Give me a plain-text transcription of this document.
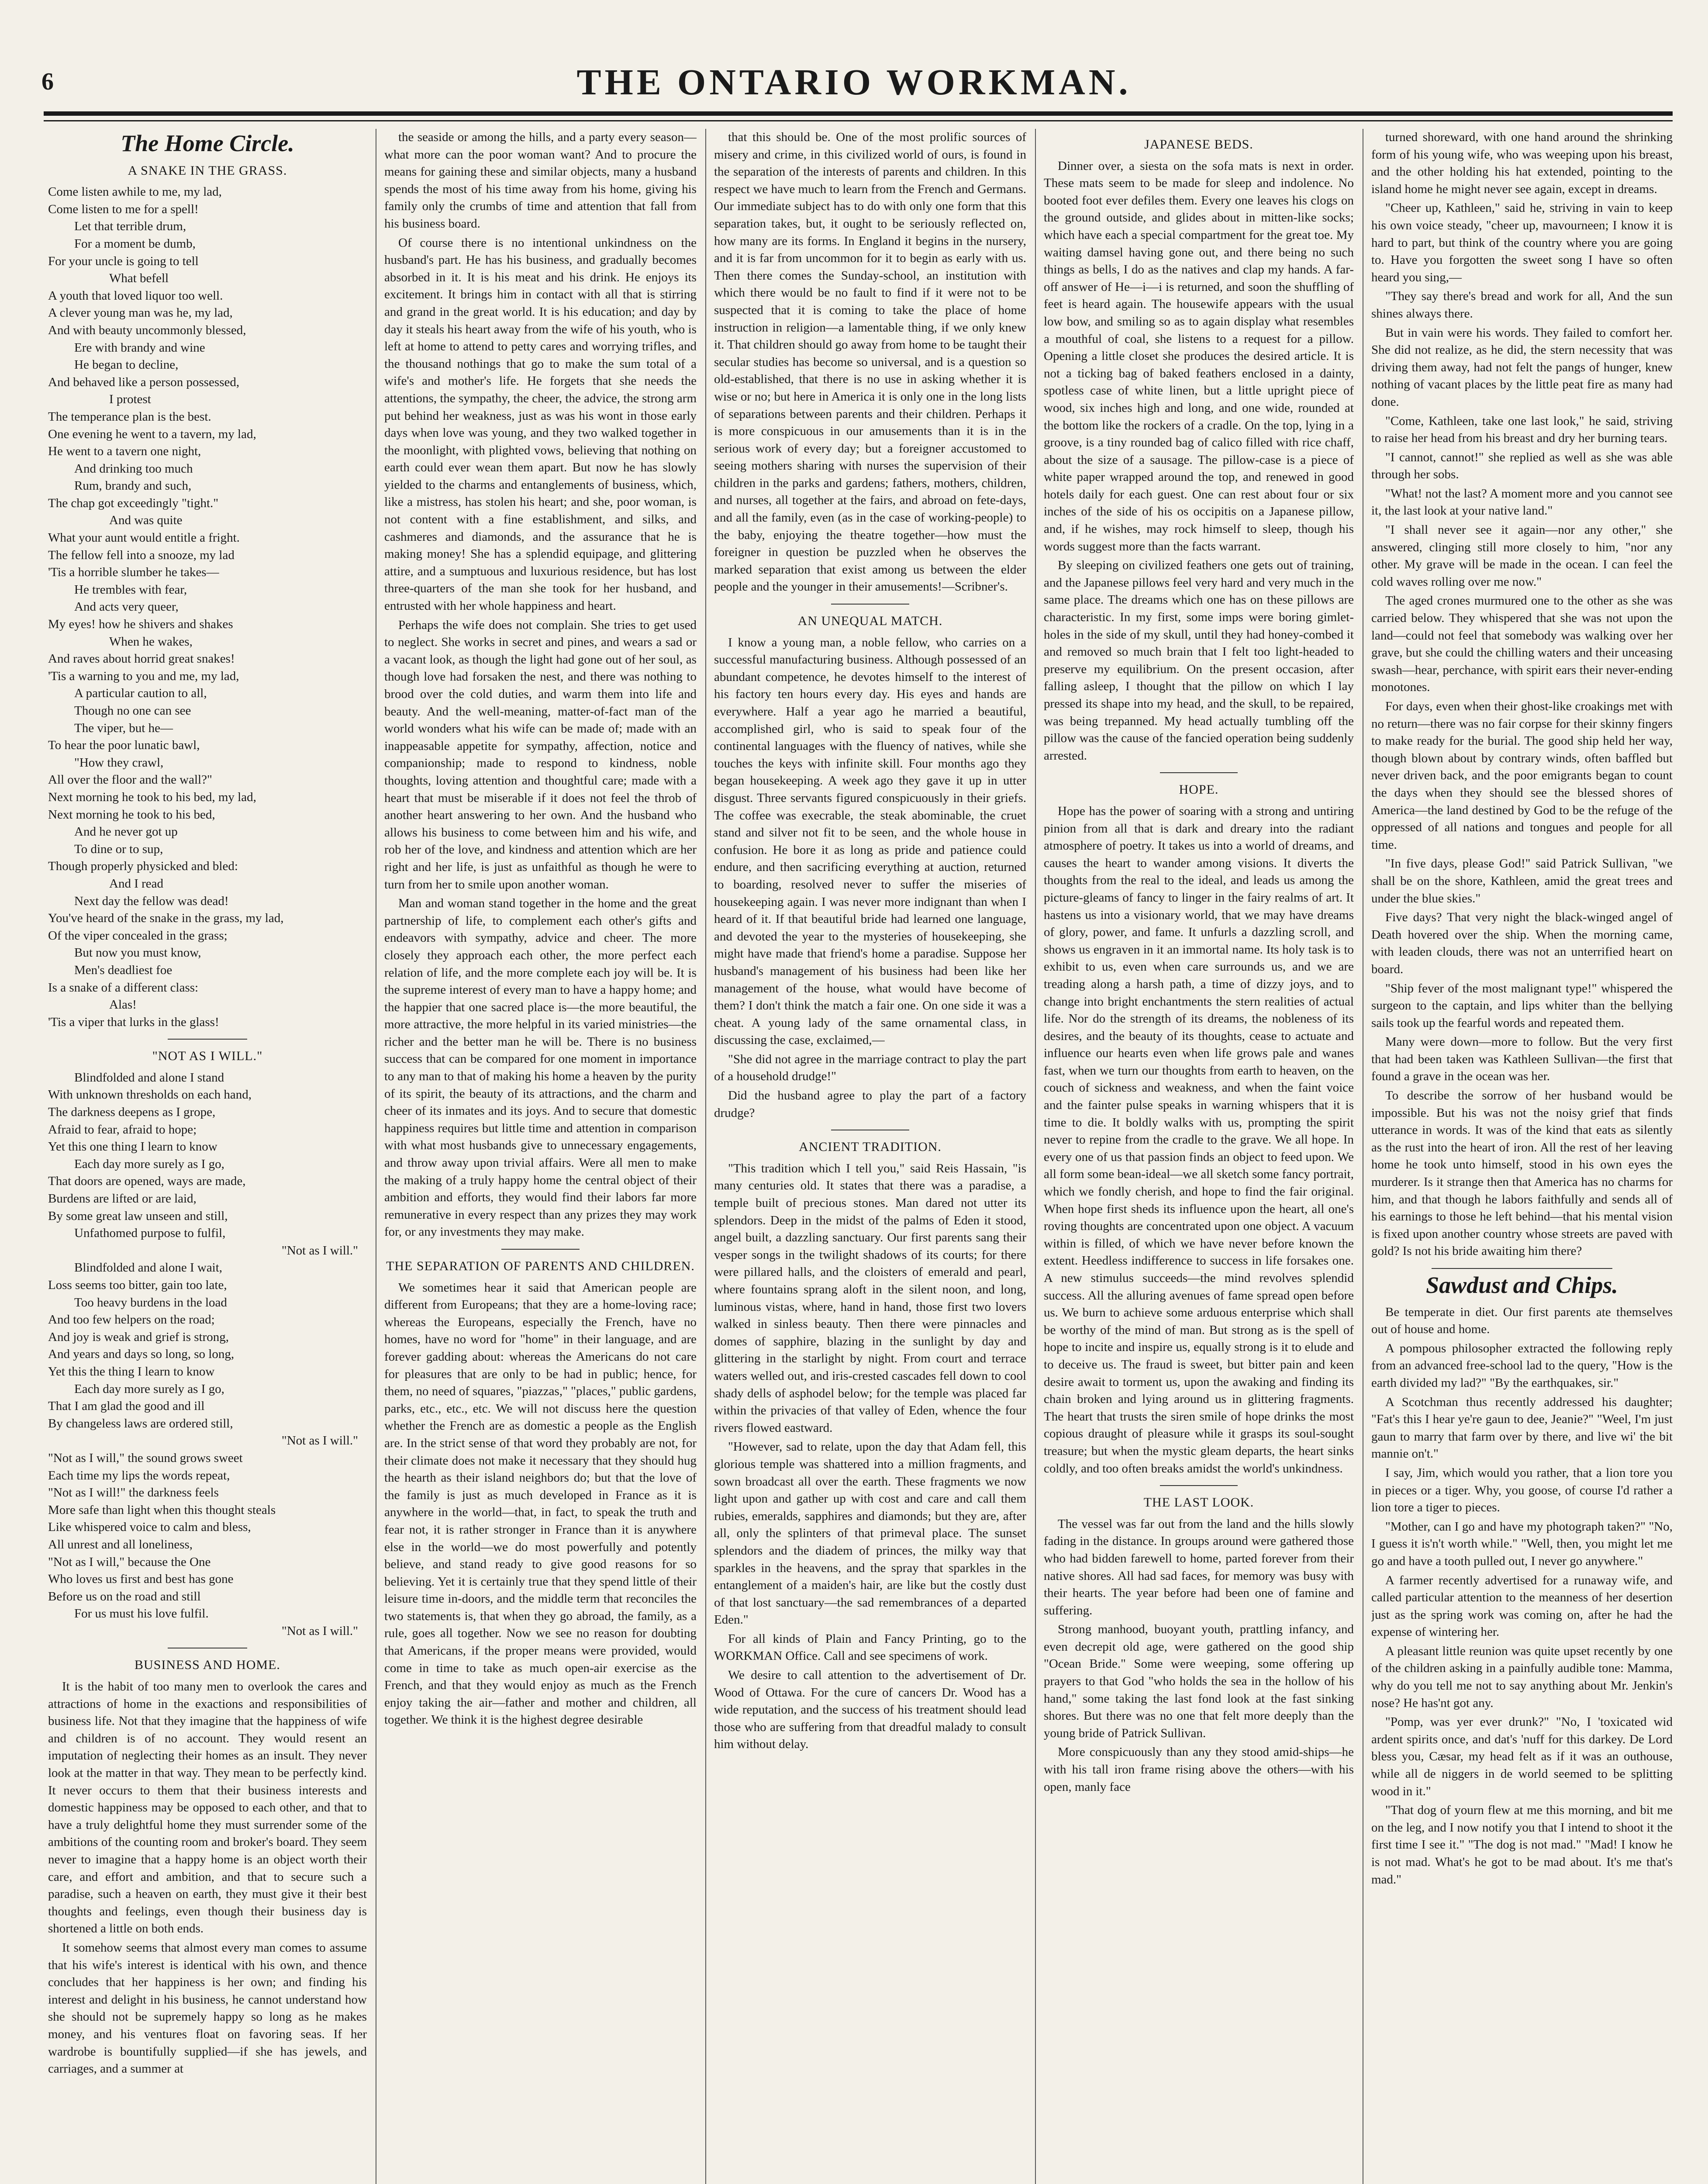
6	THE ONTARIO WORKMAN.
The Home Circle.
A SNAKE IN THE GRASS.

Come listen awhile to me, my lad,

Come listen to me for a spell!

Let that terrible drum,

For a moment be dumb,

For your uncle is going to tell

What befell

A youth that loved liquor too well.

A clever young man was he, my lad,

And with beauty uncommonly blessed,

Ere with brandy and wine

He began to decline,

And behaved like a person possessed,

I protest

The temperance plan is the best.

One evening he went to a tavern, my lad,

He went to a tavern one night,

And drinking too much

Rum, brandy and such,

The chap got exceedingly "tight."

And was quite

What your aunt would entitle a fright.

The fellow fell into a snooze, my lad

'Tis a horrible slumber he takes—

He trembles with fear,

And acts very queer,

My eyes! how he shivers and shakes

When he wakes,

And raves about horrid great snakes!

'Tis a warning to you and me, my lad,

A particular caution to all,

Though no one can see

The viper, but he—

To hear the poor lunatic bawl,

"How they crawl,

All over the floor and the wall?"

Next morning he took to his bed, my lad,

Next morning he took to his bed,

And he never got up

To dine or to sup,

Though properly physicked and bled:

And I read

Next day the fellow was dead!

You've heard of the snake in the grass, my lad,

Of the viper concealed in the grass;

But now you must know,

Men's deadliest foe

Is a snake of a different class:

Alas!

'Tis a viper that lurks in the glass!

"NOT AS I WILL."

Blindfolded and alone I stand

With unknown thresholds on each hand,

The darkness deepens as I grope,

Afraid to fear, afraid to hope;

Yet this one thing I learn to know

Each day more surely as I go,

That doors are opened, ways are made,

Burdens are lifted or are laid,

By some great law unseen and still,

Unfathomed purpose to fulfil,

"Not as I will."

Blindfolded and alone I wait,

Loss seems too bitter, gain too late,

Too heavy burdens in the load

And too few helpers on the road;

And joy is weak and grief is strong,

And years and days so long, so long,

Yet this the thing I learn to know

Each day more surely as I go,

That I am glad the good and ill

By changeless laws are ordered still,

"Not as I will."

"Not as I will," the sound grows sweet

Each time my lips the words repeat,

"Not as I will!" the darkness feels

More safe than light when this thought steals

Like whispered voice to calm and bless,

All unrest and all loneliness,

"Not as I will," because the One

Who loves us first and best has gone

Before us on the road and still

For us must his love fulfil.

"Not as I will."

BUSINESS AND HOME.

It is the habit of too many men to overlook the cares and attractions of home in the exactions and responsibilities of business life. Not that they imagine that the happiness of wife and children is of no account. They would resent an imputation of neglecting their homes as an insult. They never look at the matter in that way. They mean to be perfectly kind. It never occurs to them that their business interests and domestic happiness may be opposed to each other, and that to have a truly delightful home they must surrender some of the ambitions of the counting room and broker's board. They seem never to imagine that a happy home is an object worth their care, and effort and ambition, and that to secure such a paradise, such a heaven on earth, they must give it their best thoughts and feelings, even though their business day is shortened a little on both ends.

It somehow seems that almost every man comes to assume that his wife's interest is identical with his own, and thence concludes that her happiness is her own; and finding his interest and delight in his business, he cannot understand how she should not be supremely happy so long as he makes money, and his ventures float on favoring seas. If her wardrobe is bountifully supplied—if she has jewels, and carriages, and a summer at

the seaside or among the hills, and a party every season—what more can the poor woman want? And to procure the means for gaining these and similar objects, many a husband spends the most of his time away from his home, giving his family only the crumbs of time and attention that fall from his business board.

Of course there is no intentional unkindness on the husband's part. He has his business, and gradually becomes absorbed in it. It is his meat and his drink. He enjoys its excitement. It brings him in contact with all that is stirring and grand in the great world. It is his education; and day by day it steals his heart away from the wife of his youth, who is left at home to attend to petty cares and worrying trifles, and the thousand nothings that go to make the sum total of a wife's and mother's life. He forgets that she needs the attentions, the sympathy, the cheer, the advice, the strong arm put behind her weakness, just as was his wont in those early days when love was young, and they two walked together in the moonlight, with plighted vows, believing that nothing on earth could ever wean them apart. But now he has slowly yielded to the charms and entanglements of business, which, like a mistress, has stolen his heart; and she, poor woman, is not content with a fine establishment, and silks, and cashmeres and diamonds, and the assurance that he is making money! She has a splendid equipage, and glittering attire, and a sumptuous and luxurious residence, but has lost three-quarters of the man she took for her husband, and entrusted with her whole happiness and heart.

Perhaps the wife does not complain. She tries to get used to neglect. She works in secret and pines, and wears a sad or a vacant look, as though the light had gone out of her soul, as though love had forsaken the nest, and there was nothing to brood over the cold duties, and warm them into life and beauty. And the well-meaning, matter-of-fact man of the world wonders what his wife can be made of; made with an inappeasable appetite for sympathy, affection, notice and companionship; made to respond to kindness, noble thoughts, loving attention and thoughtful care; made with a heart that must be miserable if it does not feel the throb of another heart answering to her own. And the husband who allows his business to come between him and his wife, and rob her of the love, and kindness and attention which are her right and her life, is just as unfaithful as though he were to turn from her to smile upon another woman.

Man and woman stand together in the home and the great partnership of life, to complement each other's gifts and endeavors with sympathy, advice and cheer. The more closely they approach each other, the more perfect each relation of life, and the more complete each joy will be. It is the supreme interest of every man to have a happy home; and the happier that one sacred place is—the more beautiful, the more attractive, the more helpful in its varied ministries—the richer and the better man he will be. There is no business success that can be compared for one moment in importance to any man to that of making his home a heaven by the purity of its spirit, the beauty of its attractions, and the charm and cheer of its inmates and its joys. And to secure that domestic happiness requires but little time and attention in comparison with what most husbands give to unnecessary engagements, and throw away upon trivial affairs. Were all men to make the making of a truly happy home the central object of their ambition and efforts, they would find their labors far more remunerative in every respect than any prizes they may work for, or any investments they may make.

THE SEPARATION OF PARENTS AND CHILDREN.

We sometimes hear it said that American people are different from Europeans; that they are a home-loving race; whereas the Europeans, especially the French, have no homes, have no word for "home" in their language, and are forever gadding about: whereas the Americans do not care for pleasures that are only to be had in public; hence, for them, no need of squares, "piazzas," "places," public gardens, parks, etc., etc., etc. We will not discuss here the question whether the French are as domestic a people as the English are. In the strict sense of that word they probably are not, for their climate does not make it necessary that they should hug the hearth as their island neighbors do; but that the love of the family is just as much developed in France as it is anywhere in the world—that, in fact, to speak the truth and fear not, it is rather stronger in France than it is anywhere else in the world—we do most powerfully and potently believe, and stand ready to give good reasons for so believing. Yet it is certainly true that they spend little of their leisure time in-doors, and the middle term that reconciles the two statements is, that when they go abroad, the family, as a rule, goes all together. Now we see no reason for doubting that Americans, if the proper means were provided, would come in time to take as much open-air exercise as the French, and that they would enjoy as much as the French enjoy taking the air—father and mother and children, all together. We think it is the highest degree desirable

that this should be. One of the most prolific sources of misery and crime, in this civilized world of ours, is found in the separation of the interests of parents and children. In this respect we have much to learn from the French and Germans. Our immediate subject has to do with only one form that this separation takes, but, it ought to be seriously reflected on, how many are its forms. In England it begins in the nursery, and it is far from uncommon for it to begin as early with us. Then there comes the Sunday-school, an institution with which there would be no fault to find if it were not to be suspected that it is coming to take the place of home instruction in religion—a lamentable thing, if we only knew it. That children should go away from home to be taught their secular studies has become so universal, and is a question so old-established, that there is no use in asking whether it is wise or no; but here in America it is only one in the long lists of separations between parents and their children. Perhaps it is more conspicuous in our amusements than it is in the serious work of every day; but a foreigner accustomed to seeing mothers sharing with nurses the supervision of their children in the parks and gardens; fathers, mothers, children, and nurses, all together at the fairs, and abroad on fete-days, and all the family, even (as in the case of working-people) to the baby, enjoying the theatre together—how must the foreigner in question be puzzled when he observes the marked separation that exist among us between the elder people and the younger in their amusements!—Scribner's.

AN UNEQUAL MATCH.

I know a young man, a noble fellow, who carries on a successful manufacturing business. Although possessed of an abundant competence, he devotes himself to the interest of his factory ten hours every day. His eyes and hands are everywhere. Half a year ago he married a beautiful, accomplished girl, who is said to speak four of the continental languages with the fluency of natives, while she touches the keys with infinite skill. Four months ago they began housekeeping. A week ago they gave it up in utter disgust. Three servants figured conspicuously in their griefs. The coffee was execrable, the steak abominable, the cruet stand and silver not fit to be seen, and the whole house in confusion. He bore it as long as pride and patience could endure, and then sacrificing everything at auction, returned to boarding, resolved never to suffer the miseries of housekeeping again. I was never more indignant than when I heard of it. If that beautiful bride had learned one language, and devoted the year to the mysteries of housekeeping, she might have made that friend's home a paradise. Suppose her husband's management of his business had been like her management of the house, what would have become of them? I don't think the match a fair one. On one side it was a cheat. A young lady of the same ornamental class, in discussing the case, exclaimed,—

"She did not agree in the marriage contract to play the part of a household drudge!"

Did the husband agree to play the part of a factory drudge?

ANCIENT TRADITION.

"This tradition which I tell you," said Reis Hassain, "is many centuries old. It states that there was a paradise, a temple built of precious stones. Man dared not utter its splendors. Deep in the midst of the palms of Eden it stood, angel built, a dazzling sanctuary. Our first parents sang their vesper songs in the twilight shadows of its courts; for there were pillared halls, and the cloisters of emerald and pearl, where fountains sprang aloft in the silent noon, and long, luminous vistas, where, hand in hand, those first two lovers walked in sinless beauty. Then there were pinnacles and domes of sapphire, blazing in the sunlight by day and glittering in the starlight by night. From court and terrace waters welled out, and iris-crested cascades fell down to cool shady dells of asphodel below; for the temple was placed far within the privacies of that valley of Eden, whence the four rivers flowed eastward.

"However, sad to relate, upon the day that Adam fell, this glorious temple was shattered into a million fragments, and sown broadcast all over the earth. These fragments we now light upon and gather up with cost and care and call them rubies, emeralds, sapphires and diamonds; but they are, after all, only the splinters of that primeval place. The sunset splendors and the diadem of princes, the milky way that sparkles in the heavens, and the spray that sparkles in the entanglement of a maiden's hair, are like but the costly dust of that lost sanctuary—the sad remembrances of a departed Eden."

For all kinds of Plain and Fancy Printing, go to the WORKMAN Office. Call and see specimens of work.

We desire to call attention to the advertisement of Dr. Wood of Ottawa. For the cure of cancers Dr. Wood has a wide reputation, and the success of his treatment should lead those who are suffering from that dreadful malady to consult him without delay.

JAPANESE BEDS.

Dinner over, a siesta on the sofa mats is next in order. These mats seem to be made for sleep and indolence. No booted foot ever defiles them. Every one leaves his clogs on the ground outside, and glides about in mitten-like socks; which have each a special compartment for the great toe. My waiting damsel having gone out, and there being no such things as bells, I do as the natives and clap my hands. A far-off answer of He—i—i is returned, and soon the shuffling of feet is heard again. The housewife appears with the usual low bow, and smiling so as to again display what resembles a mouthful of coal, she listens to a request for a pillow. Opening a little closet she produces the desired article. It is not a ticking bag of baked feathers enclosed in a dainty, spotless case of white linen, but a little upright piece of wood, six inches high and long, and one wide, rounded at the bottom like the rockers of a cradle. On the top, lying in a groove, is a tiny rounded bag of calico filled with rice chaff, about the size of a sausage. The pillow-case is a piece of white paper wrapped around the top, and renewed in good hotels daily for each guest. One can rest about four or six inches of the side of his os occipitis on a Japanese pillow, and, if he wishes, may rock himself to sleep, though his words suggest more than the facts warrant.

By sleeping on civilized feathers one gets out of training, and the Japanese pillows feel very hard and very much in the same place. The dreams which one has on these pillows are characteristic. In my first, some imps were boring gimlet-holes in the side of my skull, until they had honey-combed it and removed so much brain that I felt too light-headed to preserve my equilibrium. On the present occasion, after falling asleep, I thought that the pillow on which I lay pressed its shape into my head, and the skull, to be repaired, was being trepanned. My head actually tumbling off the pillow was the cause of the fancied operation being suddenly arrested.

HOPE.

Hope has the power of soaring with a strong and untiring pinion from all that is dark and dreary into the radiant atmosphere of poetry. It takes us into a world of dreams, and causes the heart to wander among visions. It diverts the thoughts from the real to the ideal, and leads us among the picture-gleams of fancy to linger in the fairy realms of art. It hastens us into a visionary world, that we may have dreams of glory, power, and fame. It unfurls a dazzling scroll, and shows us engraven in it an immortal name. Its holy task is to exhibit to us, even when care surrounds us, and we are treading along a harsh path, a time of dizzy joys, and to change into bright enchantments the stern realities of actual life. Nor do the strength of its dreams, the nobleness of its desires, and the beauty of its thoughts, cease to actuate and influence our hearts even when life grows pale and wanes fast, when we turn our thoughts from earth to heaven, on the couch of sickness and weakness, and when the faint voice and the fainter pulse speaks in warning whispers that it is time to die. It boldly walks with us, prompting the spirit never to repine from the cradle to the grave. We all hope. In every one of us that passion finds an object to feed upon. We all form some bean-ideal—we all sketch some fancy portrait, which we fondly cherish, and hope to find the fair original. When hope first sheds its influence upon the heart, all one's roving thoughts are concentrated upon one object. A vacuum within is filled, of which we have never before known the extent. Heedless indifference to success in life forsakes one. A new stimulus succeeds—the mind revolves splendid success. All the alluring avenues of fame spread open before us. We burn to achieve some arduous enterprise which shall be worthy of the mind of man. But strong as is the spell of hope to incite and inspire us, equally strong is it to elude and to deceive us. The fraud is sweet, but bitter pain and keen desire await to torment us, upon the awaking and finding its chain broken and lying around us in glittering fragments. The heart that trusts the siren smile of hope drinks the most copious draught of pleasure while it grasps its soul-sought treasure; but when the mystic gleam departs, the heart sinks coldly, and too often breaks amidst the world's unkindness.

THE LAST LOOK.

The vessel was far out from the land and the hills slowly fading in the distance. In groups around were gathered those who had bidden farewell to home, parted forever from their native shores. All had sad faces, for memory was busy with their hearts. The year before had been one of famine and suffering.

Strong manhood, buoyant youth, prattling infancy, and even decrepit old age, were gathered on the good ship "Ocean Bride." Some were weeping, some offering up prayers to that God "who holds the sea in the hollow of his hand," some taking the last fond look at the fast sinking shores. But there was no one that felt more deeply than the young bride of Patrick Sullivan.

More conspicuously than any they stood amid-ships—he with his tall iron frame rising above the others—with his open, manly face

turned shoreward, with one hand around the shrinking form of his young wife, who was weeping upon his breast, and the other holding his hat extended, pointing to the island home he might never see again, except in dreams.

"Cheer up, Kathleen," said he, striving in vain to keep his own voice steady, "cheer up, mavourneen; I know it is hard to part, but think of the country where you are going to. Have you forgotten the sweet song I have so often heard you sing,—

"They say there's bread and work for all, And the sun shines always there.

But in vain were his words. They failed to comfort her. She did not realize, as he did, the stern necessity that was driving them away, had not felt the pangs of hunger, knew nothing of vacant places by the little peat fire as many had done.

"Come, Kathleen, take one last look," he said, striving to raise her head from his breast and dry her burning tears.

"I cannot, cannot!" she replied as well as she was able through her sobs.

"What! not the last? A moment more and you cannot see it, the last look at your native land."

"I shall never see it again—nor any other," she answered, clinging still more closely to him, "nor any other. My grave will be made in the ocean. I can feel the cold waves rolling over me now."

The aged crones murmured one to the other as she was carried below. They whispered that she was not upon the land—could not feel that somebody was walking over her grave, but she could the chilling waters and their unceasing swash—hear, perchance, with spirit ears their never-ending monotones.

For days, even when their ghost-like croakings met with no return—there was no fair corpse for their skinny fingers to make ready for the burial. The good ship held her way, though blown about by contrary winds, often baffled but never driven back, and the poor emigrants began to count the days when they should see the blessed shores of America—the land destined by God to be the refuge of the oppressed of all nations and tongues and people for all time.

"In five days, please God!" said Patrick Sullivan, "we shall be on the shore, Kathleen, amid the great trees and under the blue skies."

Five days? That very night the black-winged angel of Death hovered over the ship. When the morning came, with leaden clouds, there was not an unterrified heart on board.

"Ship fever of the most malignant type!" whispered the surgeon to the captain, and lips whiter than the bellying sails took up the fearful words and repeated them.

Many were down—more to follow. But the very first that had been taken was Kathleen Sullivan—the first that found a grave in the ocean was her.

To describe the sorrow of her husband would be impossible. But his was not the noisy grief that finds utterance in words. It was of the kind that eats as silently as the rust into the heart of iron. All the rest of her leaving home he took unto himself, stood in his own eyes the murderer. Is it strange then that America has no charms for him, and that though he labors faithfully and sends all of his earnings to those he left behind—that his mental vision is fixed upon another country whose streets are paved with gold? Is not his bride awaiting him there?

Sawdust and Chips.

Be temperate in diet. Our first parents ate themselves out of house and home.

A pompous philosopher extracted the following reply from an advanced free-school lad to the query, "How is the earth divided my lad?" "By the earthquakes, sir."

A Scotchman thus recently addressed his daughter; "Fat's this I hear ye're gaun to dee, Jeanie?" "Weel, I'm just gaun to marry that farm over by there, and live wi' the bit mannie on't."

I say, Jim, which would you rather, that a lion tore you in pieces or a tiger. Why, you goose, of course I'd rather a lion tore a tiger to pieces.

"Mother, can I go and have my photograph taken?" "No, I guess it is'n't worth while." "Well, then, you might let me go and have a tooth pulled out, I never go anywhere."

A farmer recently advertised for a runaway wife, and called particular attention to the meanness of her desertion just as the spring work was coming on, after he had the expense of wintering her.

A pleasant little reunion was quite upset recently by one of the children asking in a painfully audible tone: Mamma, why do you tell me not to say anything about Mr. Jenkin's nose? He has'nt got any.

"Pomp, was yer ever drunk?" "No, I 'toxicated wid ardent spirits once, and dat's 'nuff for this darkey. De Lord bless you, Cæsar, my head felt as if it was an outhouse, while all de niggers in de world seemed to be splitting wood in it."

"That dog of yourn flew at me this morning, and bit me on the leg, and I now notify you that I intend to shoot it the first time I see it." "The dog is not mad." "Mad! I know he is not mad. What's he got to be mad about. It's me that's mad."
